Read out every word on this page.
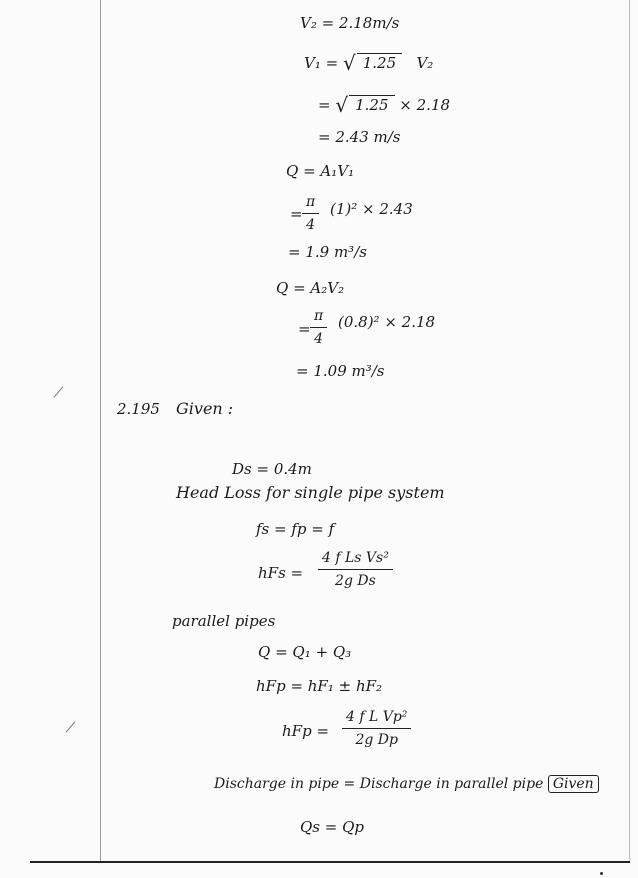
V₂ = 2.18m/s
V₁ = √ 1.25 V₂
= √ 1.25 × 2.18
= 2.43 m/s
Q = A₁V₁
= $\frac{\pi}{4} (1)^2 \times 2.43$
= 1.9 m³/s
Q = A₂V₂
= $\frac{\pi}{4} (0.8)^2 \times 2.18$
= 1.09 m³/s
2.195 Given :
Ds = 0.4m
Head Loss for single pipe system
fs = fp = f
hFs = $\frac{\text{4 f Ls Vs²}}{\text{2g Ds}}$
parallel pipes
Q = Q₁ + Q₃
hFp = hF₁ ± hF₂
hFp = $\frac{\text{4 f L Vp²}}{\text{2g Dp}}$
Discharge in pipe = Discharge in parallel pipe Given
Qs = Qp
